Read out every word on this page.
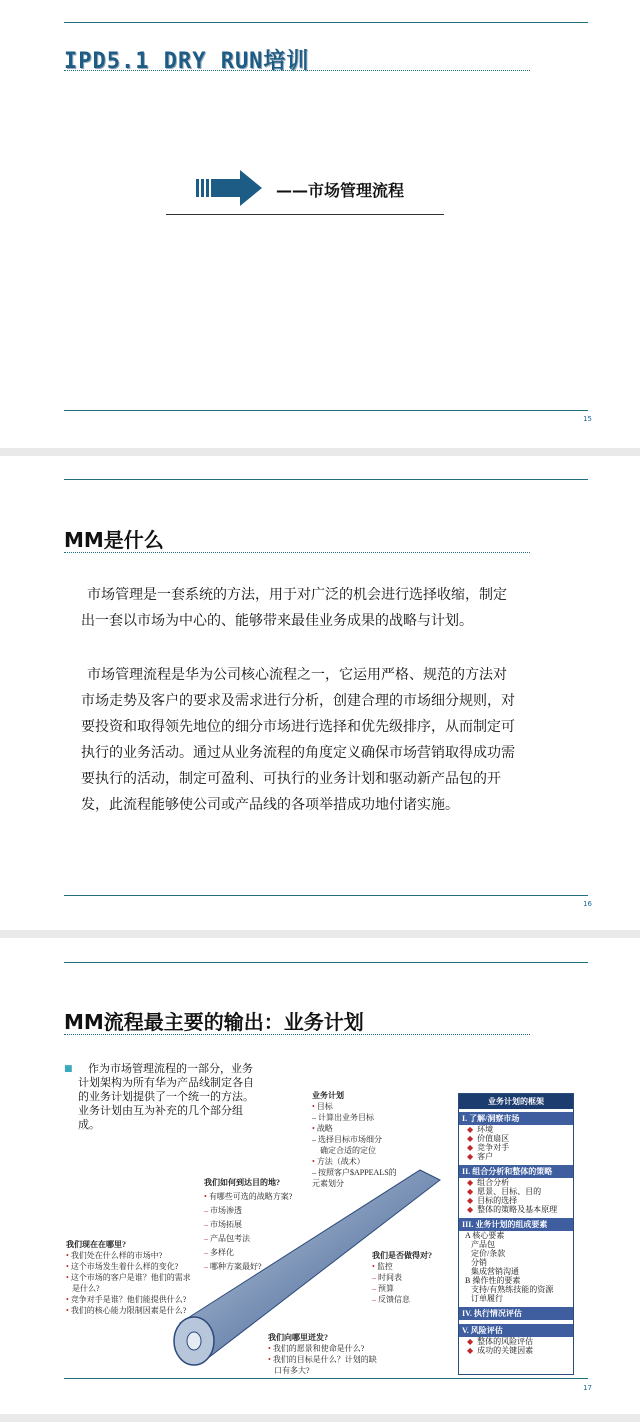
IPD5.1 DRY RUN培训
——市场管理流程
15
MM是什么
市场管理是一套系统的方法，用于对广泛的机会进行选择收缩，制定
出一套以市场为中心的、能够带来最佳业务成果的战略与计划。
市场管理流程是华为公司核心流程之一，它运用严格、规范的方法对
市场走势及客户的要求及需求进行分析，创建合理的市场细分规则，对
要投资和取得领先地位的细分市场进行选择和优先级排序，从而制定可
执行的业务活动。通过从业务流程的角度定义确保市场营销取得成功需
要执行的活动，制定可盈利、可执行的业务计划和驱动新产品包的开
发，此流程能够使公司或产品线的各项举措成功地付诸实施。
16
MM流程最主要的输出：业务计划
■	作为市场管理流程的一部分，业务
计划架构为所有华为产品线制定各自
的业务计划提供了一个统一的方法。
业务计划由互为补充的几个部分组
成。
我们现在在哪里?
• 我们处在什么样的市场中?
• 这个市场发生着什么样的变化?
• 这个市场的客户是谁？他们的需求
是什么?
• 竞争对手是谁？他们能提供什么?
• 我们的核心能力限制因素是什么?
我们如何到达目的地?
• 有哪些可选的战略方案?
– 市场渗透
– 市场拓展
– 产品包考法
– 多样化
– 哪种方案最好?
业务计划
• 目标
– 计算出业务目标
• 战略
– 选择目标市场细分
确定合适的定位
• 方法（战术）
– 按照客户$APPEALS的
元素划分
我们是否做得对?
• 监控
– 时间表
– 预算
– 反馈信息
我们向哪里迸发?
• 我们的愿景和使命是什么?
• 我们的目标是什么？计划的缺
口有多大?
17
业务计划的框架
I. 了解/洞察市场
◆ 环境
◆ 价值扇区
◆ 竞争对手
◆ 客户
II. 组合分析和整体的策略
◆ 组合分析
◆ 愿景、目标、目的
◆ 目标的选择
◆ 整体的策略及基本原理
III. 业务计划的组成要素
A 核心要素
产品包
定价/条款
分销
集成营销沟通
B 操作性的要素
支持/有熟练技能的资源
订单履行
IV. 执行情况评估
V. 风险评估
◆ 整体的风险评估
◆ 成功的关键因素
